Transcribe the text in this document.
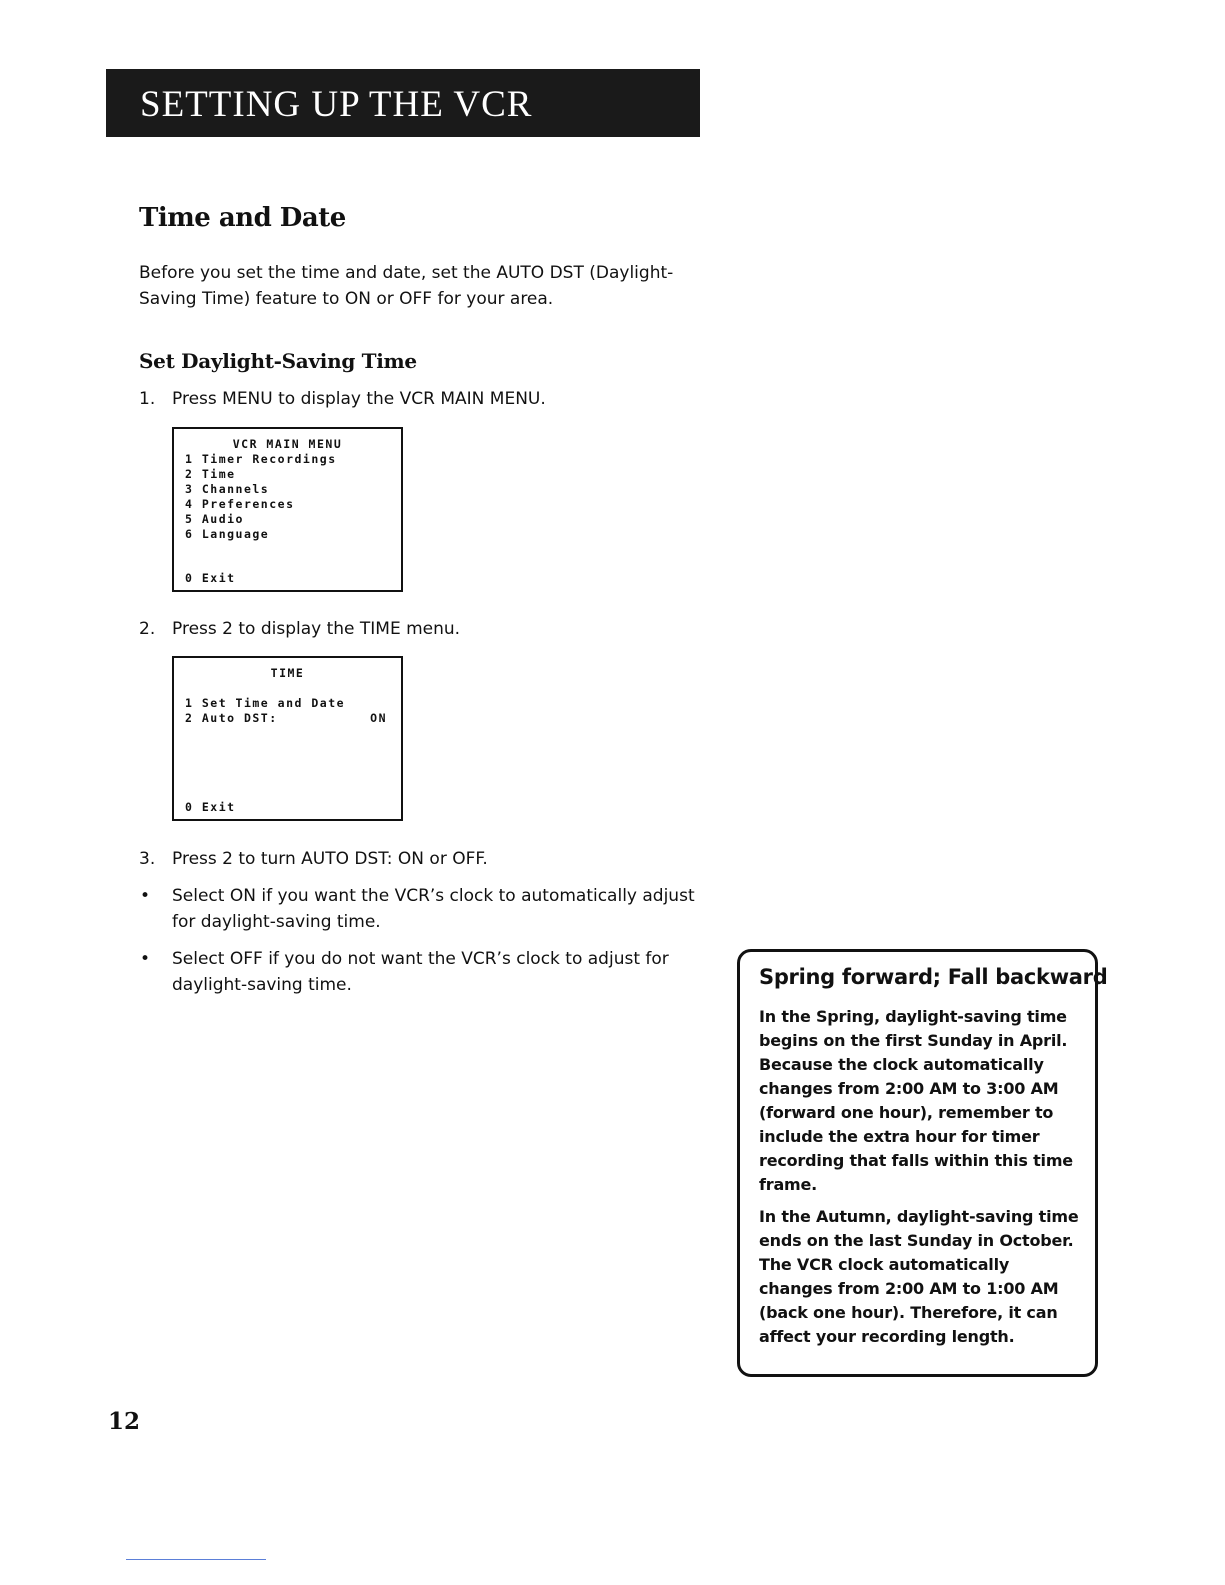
SETTING UP THE VCR
Time and Date
Before you set the time and date, set the AUTO DST (Daylight-Saving Time) feature to ON or OFF for your area.
Set Daylight-Saving Time
1. Press MENU to display the VCR MAIN MENU.
VCR MAIN MENU
1 Timer Recordings
2 Time
3 Channels
4 Preferences
5 Audio
6 Language
0 Exit
2. Press 2 to display the TIME menu.
TIME
1 Set Time and Date
2 Auto DST:	ON
0 Exit
3. Press 2 to turn AUTO DST: ON or OFF.
• Select ON if you want the VCR’s clock to automatically adjust for daylight-saving time.
• Select OFF if you do not want the VCR’s clock to adjust for daylight-saving time.	Spring forward; Fall backward
In the Spring, daylight-saving time begins on the first Sunday in April. Because the clock automatically changes from 2:00 AM to 3:00 AM (forward one hour), remember to include the extra hour for timer recording that falls within this time frame.
In the Autumn, daylight-saving time ends on the last Sunday in October. The VCR clock automatically changes from 2:00 AM to 1:00 AM (back one hour). Therefore, it can affect your recording length.
12
